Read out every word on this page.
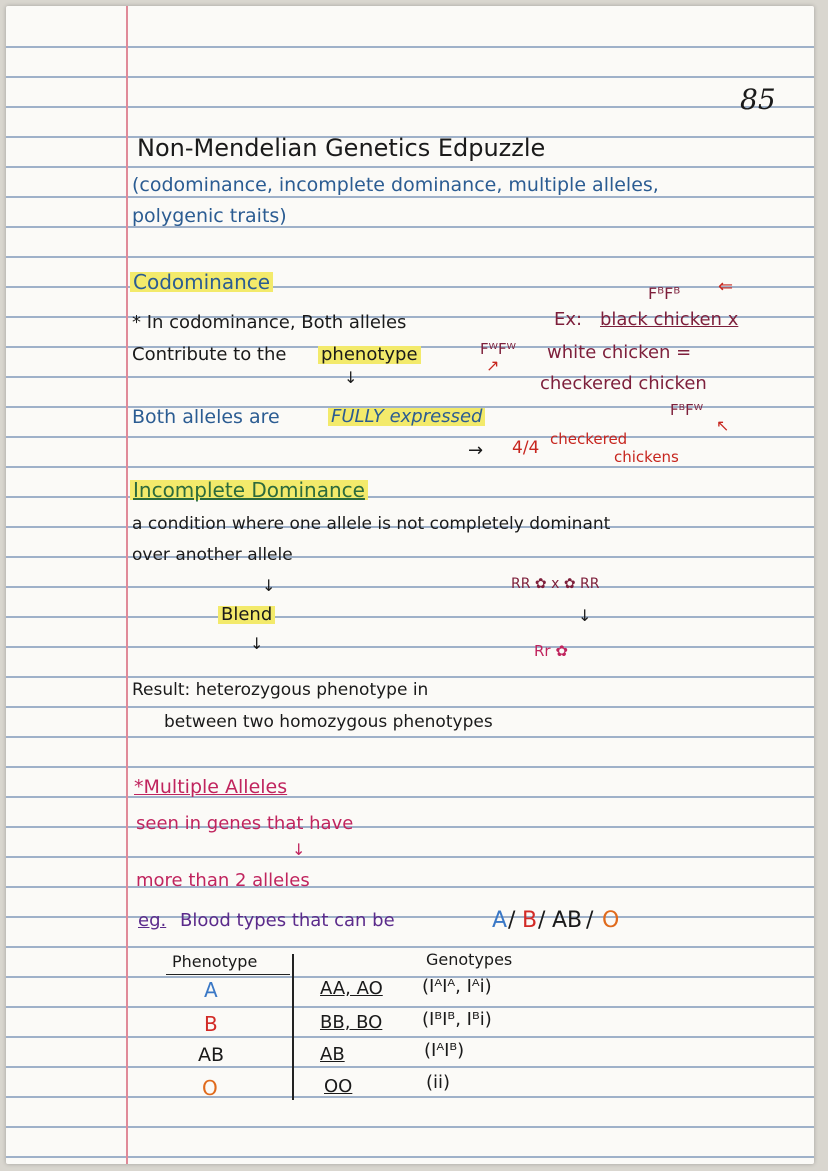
85
Non-Mendelian Genetics Edpuzzle
(codominance, incomplete dominance, multiple alleles,
polygenic traits)
Codominance
* In codominance, Both alleles
Contribute to the phenotype
↓
Both alleles are	FULLY expressed
→
FᴮFᴮ ⇐
Ex: black chicken x
FᵂFᵂ
↗
white chicken =
checkered chicken
FᴮFᵂ
↖
4/4 checkered
chickens
Incomplete Dominance
a condition where one allele is not completely dominant
over another allele
↓
Blend
↓
RR ✿ x ✿ RR
↓
Rr ✿
Result: heterozygous phenotype in
between two homozygous phenotypes
*Multiple Alleles
seen in genes that have
↓
more than 2 alleles
eg. Blood types that can be	A / B / AB / O
Phenotype	Genotypes
A	AA, AO (IᴬIᴬ, Iᴬi)
B	BB, BO (IᴮIᴮ, Iᴮi)
AB	AB	(IᴬIᴮ)
O	OO	(ii)
